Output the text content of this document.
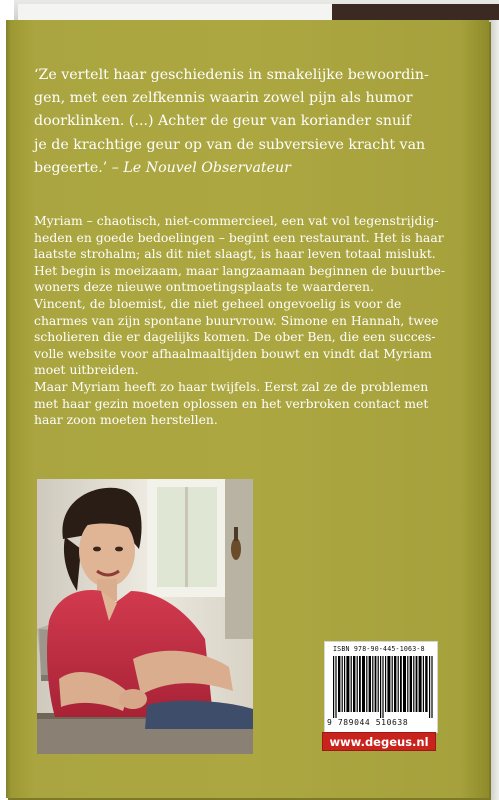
‘Ze vertelt haar geschiedenis in smakelijke bewoordin-
gen, met een zelfkennis waarin zowel pijn als humor
doorklinken. (...) Achter de geur van koriander snuif
je de krachtige geur op van de subversieve kracht van
begeerte.’ – Le Nouvel Observateur

Myriam – chaotisch, niet-commercieel, een vat vol tegenstrijdig-
heden en goede bedoelingen – begint een restaurant. Het is haar
laatste strohalm; als dit niet slaagt, is haar leven totaal mislukt.
Het begin is moeizaam, maar langzaamaan beginnen de buurtbe-
woners deze nieuwe ontmoetingsplaats te waarderen.
Vincent, de bloemist, die niet geheel ongevoelig is voor de
charmes van zijn spontane buurvrouw. Simone en Hannah, twee
scholieren die er dagelijks komen. De ober Ben, die een succes-
volle website voor afhaalmaaltijden bouwt en vindt dat Myriam
moet uitbreiden.
Maar Myriam heeft zo haar twijfels. Eerst zal ze de problemen
met haar gezin moeten oplossen en het verbroken contact met
haar zoon moeten herstellen.

ISBN 978-90-445-1063-8
9 789044 510638
www.degeus.nl
